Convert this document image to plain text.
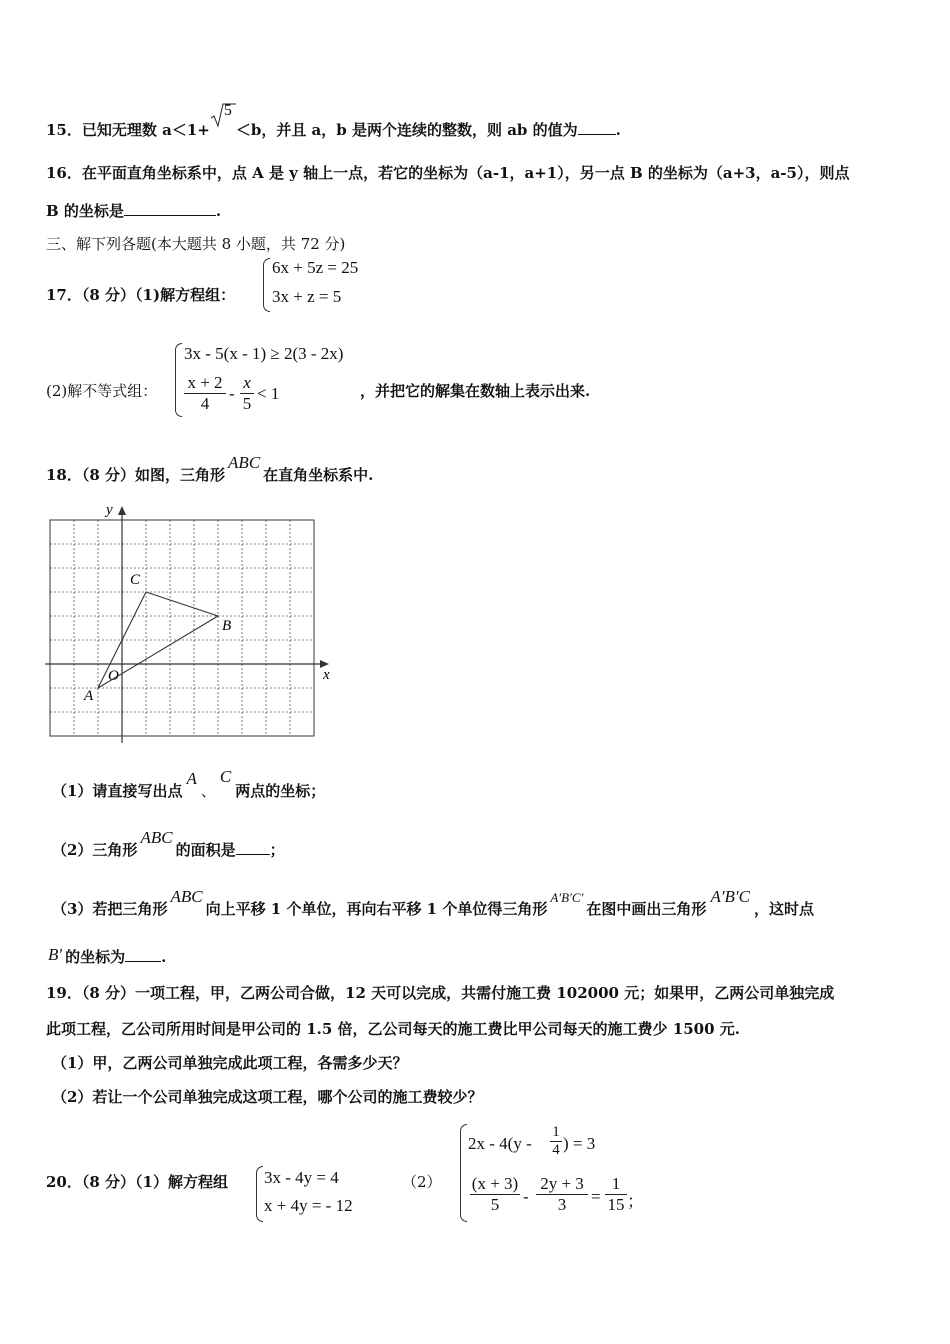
15．已知无理数 a＜1+
5
＜b，并且 a，b 是两个连续的整数，则 ab 的值为	.
16．在平面直角坐标系中，点 A 是 y 轴上一点，若它的坐标为（a-1，a+1），另一点 B 的坐标为（a+3，a-5），则点
B 的坐标是	.
三、解下列各题(本大题共 8 小题，共 72 分)
17．（8 分）（1)解方程组：
6x + 5z = 25
3x + z = 5
(2)解不等式组：
3x - 5(x - 1) ≥ 2(3 - 2x)
$\frac{x + 2}{4} - \frac{x}{5} < 1$	，并把它的解集在数轴上表示出来.
18．（8 分）如图，三角形ABC在直角坐标系中.
x
y
O
A
B
C
（1）请直接写出点A、C两点的坐标；
（2）三角形ABC的面积是 ；
（3）若把三角形ABC向上平移 1 个单位，再向右平移 1 个单位得三角形A′B′C′在图中画出三角形A′B′C，这时点
B′ 的坐标为 .
19．（8 分）一项工程，甲，乙两公司合做，12 天可以完成，共需付施工费 102000 元；如果甲，乙两公司单独完成
此项工程，乙公司所用时间是甲公司的 1.5 倍，乙公司每天的施工费比甲公司每天的施工费少 1500 元.
（1）甲，乙两公司单独完成此项工程，各需多少天？
（2）若让一个公司单独完成这项工程，哪个公司的施工费较少？
20．（8 分）（1）解方程组 3x - 4y = 4
x + 4y = - 12
（2）
$2x - 4(y - \frac{1}{4}$ ) = 3
$\frac{(x + 3)}{5} - \frac{2y + 3}{3} = \frac{1}{15}$ ；
